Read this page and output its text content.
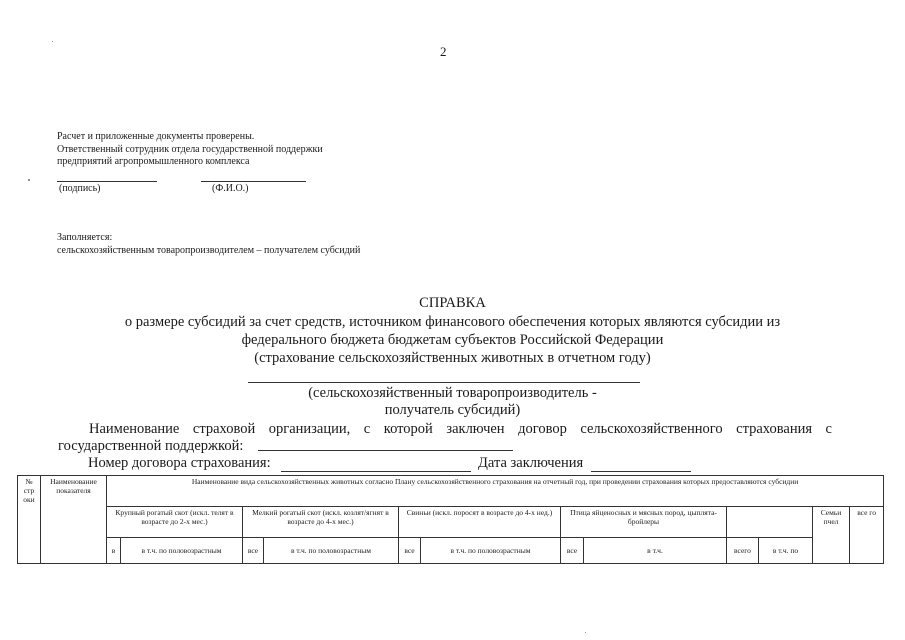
2
Расчет и приложенные документы проверены.
Ответственный сотрудник отдела государственной поддержки
предприятий агропромышленного комплекса
(подпись)	(Ф.И.О.)
Заполняется:
сельскохозяйственным товаропроизводителем – получателем субсидий
СПРАВКА
о размере субсидий за счет средств, источником финансового обеспечения которых являются субсидии из
федерального бюджета бюджетам субъектов Российской Федерации
(страхование сельскохозяйственных животных в отчетном году)
(сельскохозяйственный товаропроизводитель -
получатель субсидий)
Наименование страховой организации, с которой заключен договор сельскохозяйственного страхования с государственной поддержкой:
Номер договора страхования:	Дата заключения
№ стр оки	Наименование показателя	Наименование вида сельскохозяйственных животных согласно Плану сельскохозяйственного страхования на отчетный год, при проведении страхования которых предоставляются субсидии											
		Крупный рогатый скот (искл. телят в возрасте до 2-х мес.)		Мелкий рогатый скот (искл. козлят/ягнят в возрасте до 4-х мес.)		Свиньи (искл. поросят в возрасте до 4-х нед.)		Птица яйценосных и мясных пород, цыплята-бройлеры				Семьи пчел	все го
		в	в т.ч. по половозрастным	все	в т.ч. по половозрастным	все	в т.ч. по половозрастным	все	в т.ч.	всего	в т.ч. по		
